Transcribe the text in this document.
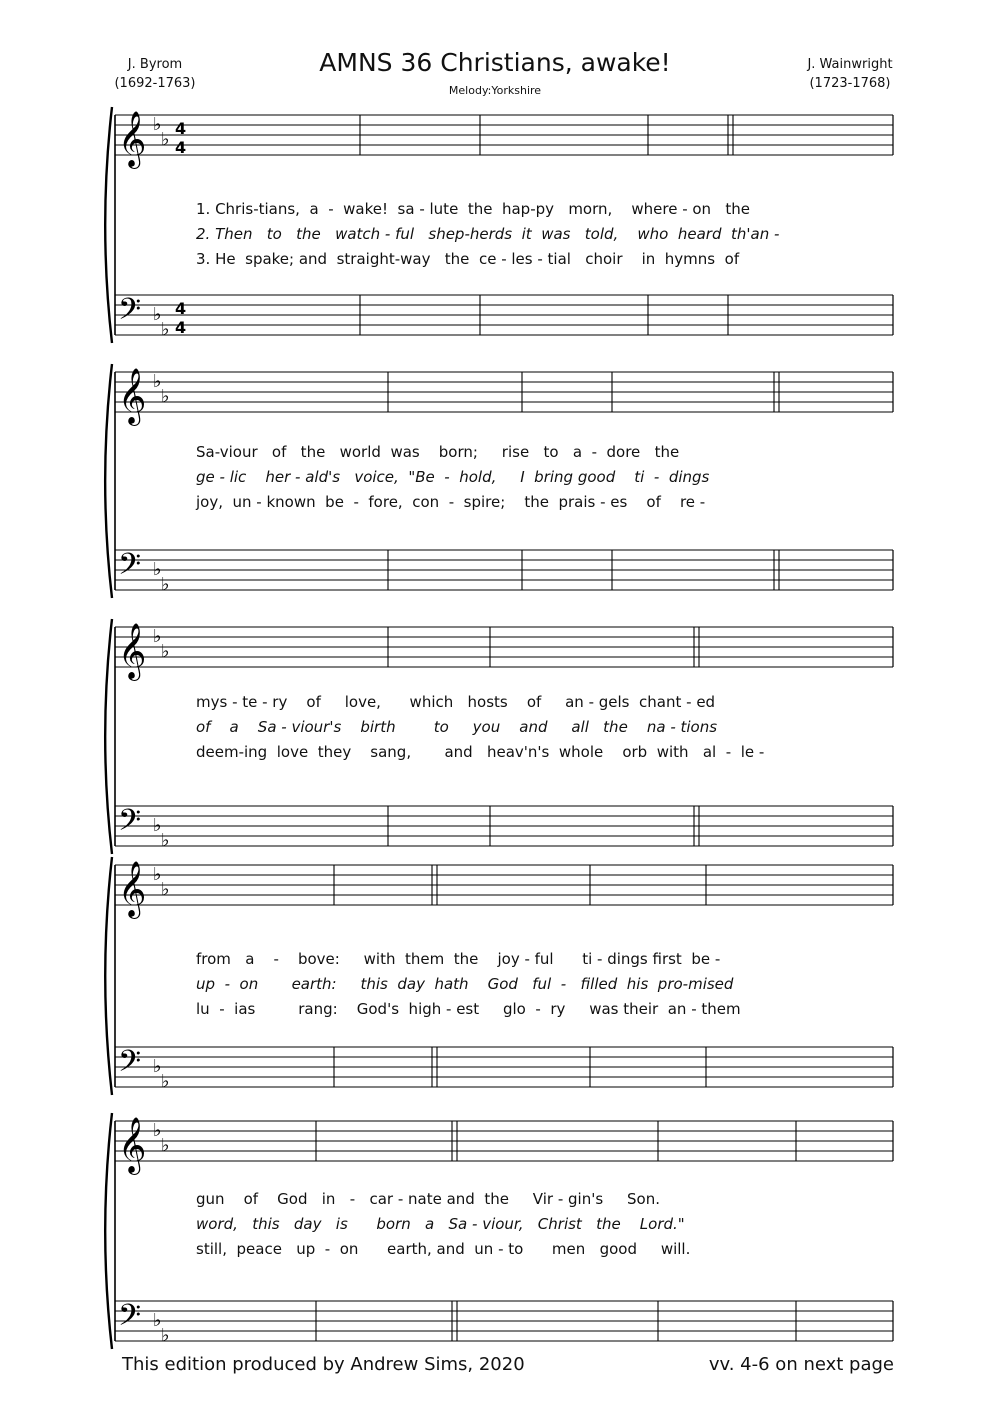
J. Byrom
(1692-1763)
AMNS 36 Christians, awake!
Melody:Yorkshire
J. Wainwright
(1723-1768)
𝄞 ♭
♭
4
4
𝄢 ♭
♭
4
4
𝄞 ♭
♭
𝄢 ♭
♭
𝄞 ♭
♭
𝄢 ♭
♭
𝄞 ♭
♭
𝄢 ♭
♭
𝄞 ♭
♭
𝄢 ♭
♭
1. Chris-tians,  a  -  wake!  sa - lute  the  hap-py   morn,    where - on   the
2. Then   to   the   watch - ful   shep-herds  it  was   told,    who  heard  th'an -
3. He  spake; and  straight-way   the  ce - les - tial   choir    in  hymns  of
Sa-viour   of   the   world  was    born;     rise   to   a  -  dore   the
ge - lic    her - ald's   voice,  "Be  -  hold,     I  bring good    ti  -  dings
joy,  un - known  be  -  fore,  con  -  spire;    the  prais - es    of    re -
mys - te - ry    of     love,      which   hosts    of     an - gels  chant - ed
of    a    Sa - viour's    birth        to     you    and     all   the    na - tions
deem-ing  love  they    sang,       and   heav'n's  whole    orb  with   al  -  le -
from   a    -    bove:     with  them  the    joy - ful      ti - dings first  be -
up  -  on       earth:     this  day  hath    God   ful  -   filled  his  pro-mised
lu  -  ias         rang:    God's  high - est     glo  -  ry     was their  an - them
gun    of    God   in   -   car - nate and  the     Vir - gin's     Son.
word,   this   day   is      born   a   Sa - viour,   Christ   the    Lord."
still,  peace   up  -  on      earth, and  un - to      men   good     will.
This edition produced by Andrew Sims, 2020	vv. 4-6 on next page
